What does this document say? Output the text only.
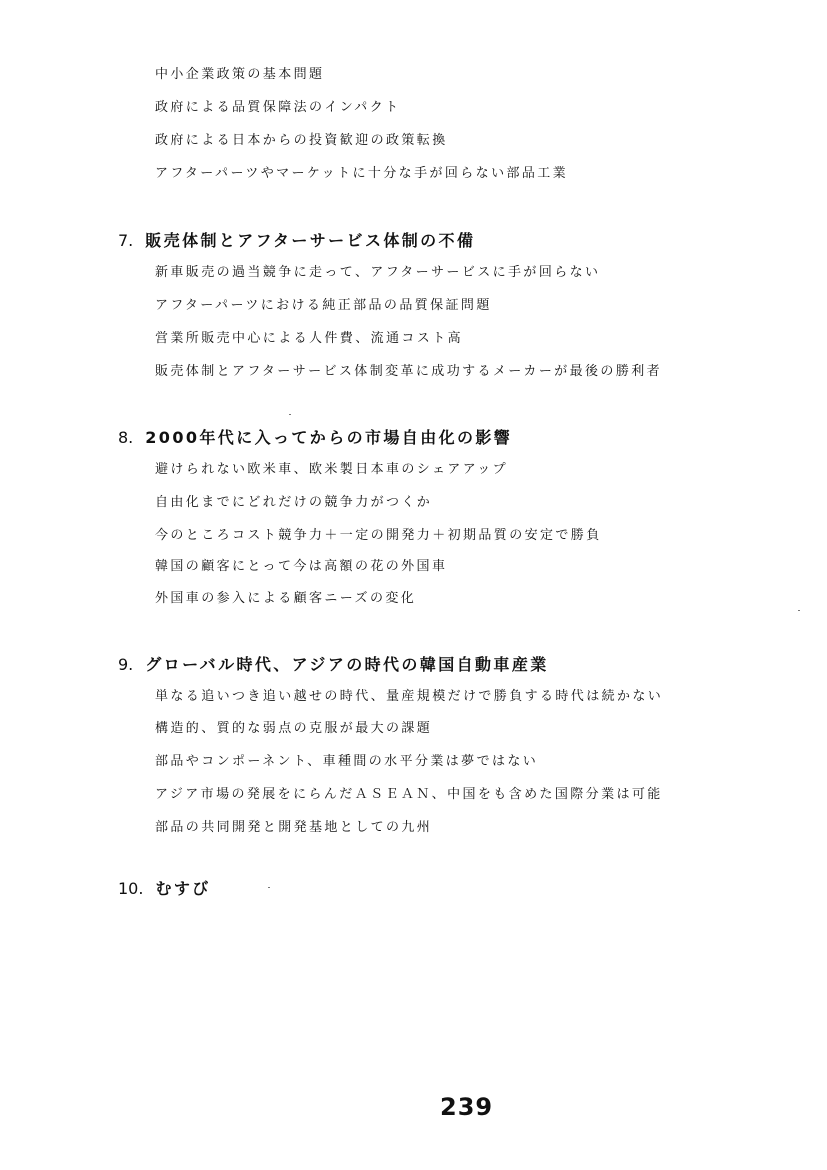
中小企業政策の基本問題
政府による品質保障法のインパクト
政府による日本からの投資歓迎の政策転換
アフターパーツやマーケットに十分な手が回らない部品工業
7. 販売体制とアフターサービス体制の不備
新車販売の過当競争に走って、アフターサービスに手が回らない
アフターパーツにおける純正部品の品質保証問題
営業所販売中心による人件費、流通コスト高
販売体制とアフターサービス体制変革に成功するメーカーが最後の勝利者
8. 2000年代に入ってからの市場自由化の影響
避けられない欧米車、欧米製日本車のシェアアップ
自由化までにどれだけの競争力がつくか
今のところコスト競争力＋一定の開発力＋初期品質の安定で勝負
韓国の顧客にとって今は高額の花の外国車
外国車の参入による顧客ニーズの変化
9. グローバル時代、アジアの時代の韓国自動車産業
単なる追いつき追い越せの時代、量産規模だけで勝負する時代は続かない
構造的、質的な弱点の克服が最大の課題
部品やコンポーネント、車種間の水平分業は夢ではない
アジア市場の発展をにらんだＡＳＥＡＮ、中国をも含めた国際分業は可能
部品の共同開発と開発基地としての九州
10. むすび
239
